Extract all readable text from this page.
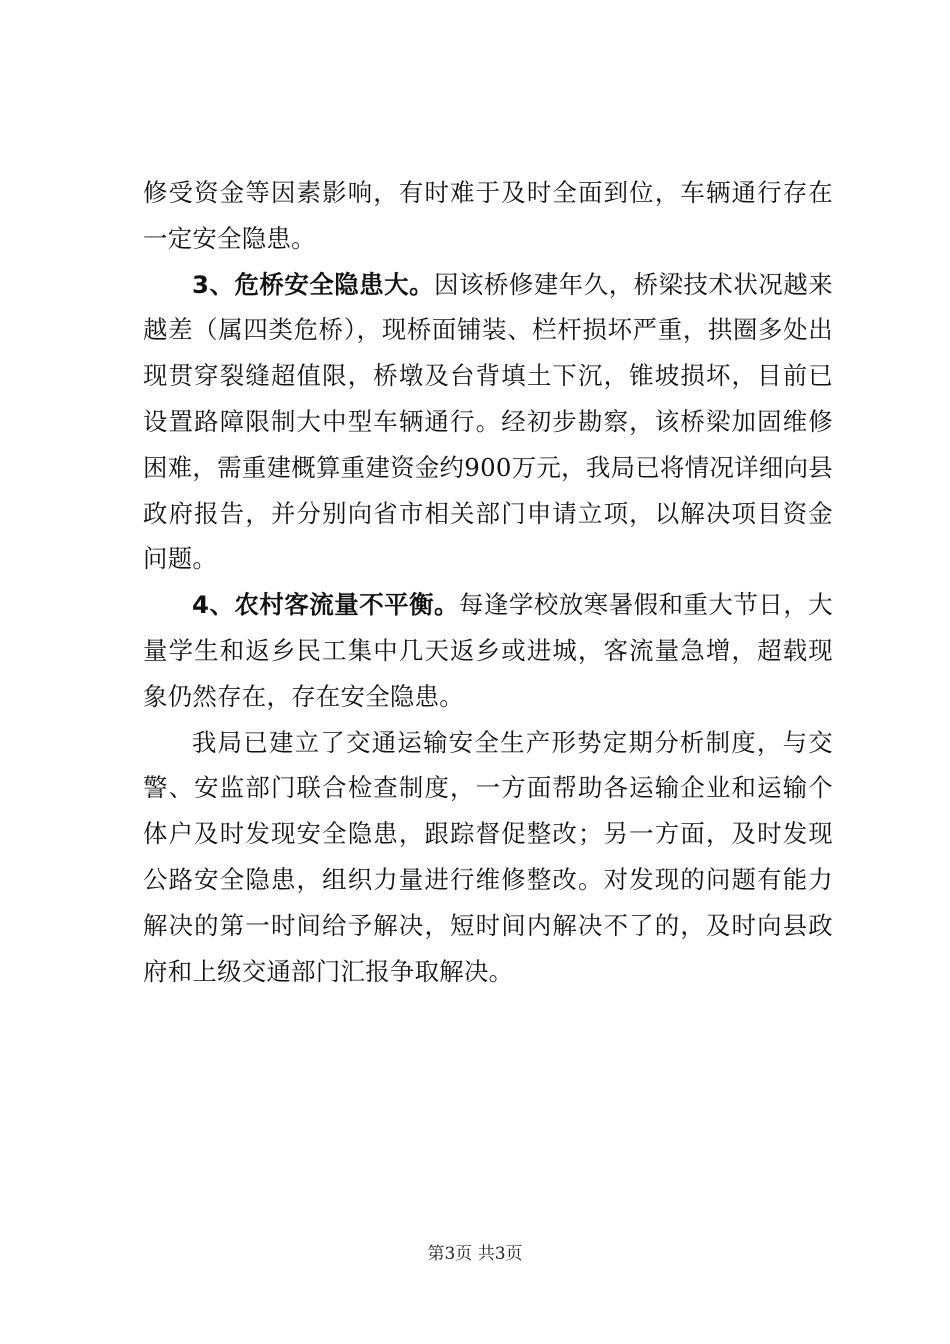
修受资金等因素影响，有时难于及时全面到位，车辆通行存在一定安全隐患。

3、危桥安全隐患大。因该桥修建年久，桥梁技术状况越来越差（属四类危桥），现桥面铺装、栏杆损坏严重，拱圈多处出现贯穿裂缝超值限，桥墩及台背填土下沉，锥坡损坏，目前已设置路障限制大中型车辆通行。经初步勘察，该桥梁加固维修困难，需重建概算重建资金约900万元，我局已将情况详细向县政府报告，并分别向省市相关部门申请立项，以解决项目资金问题。

4、农村客流量不平衡。每逢学校放寒暑假和重大节日，大量学生和返乡民工集中几天返乡或进城，客流量急增，超载现象仍然存在，存在安全隐患。

我局已建立了交通运输安全生产形势定期分析制度，与交警、安监部门联合检查制度，一方面帮助各运输企业和运输个体户及时发现安全隐患，跟踪督促整改；另一方面，及时发现公路安全隐患，组织力量进行维修整改。对发现的问题有能力解决的第一时间给予解决，短时间内解决不了的，及时向县政府和上级交通部门汇报争取解决。

第3页 共3页
